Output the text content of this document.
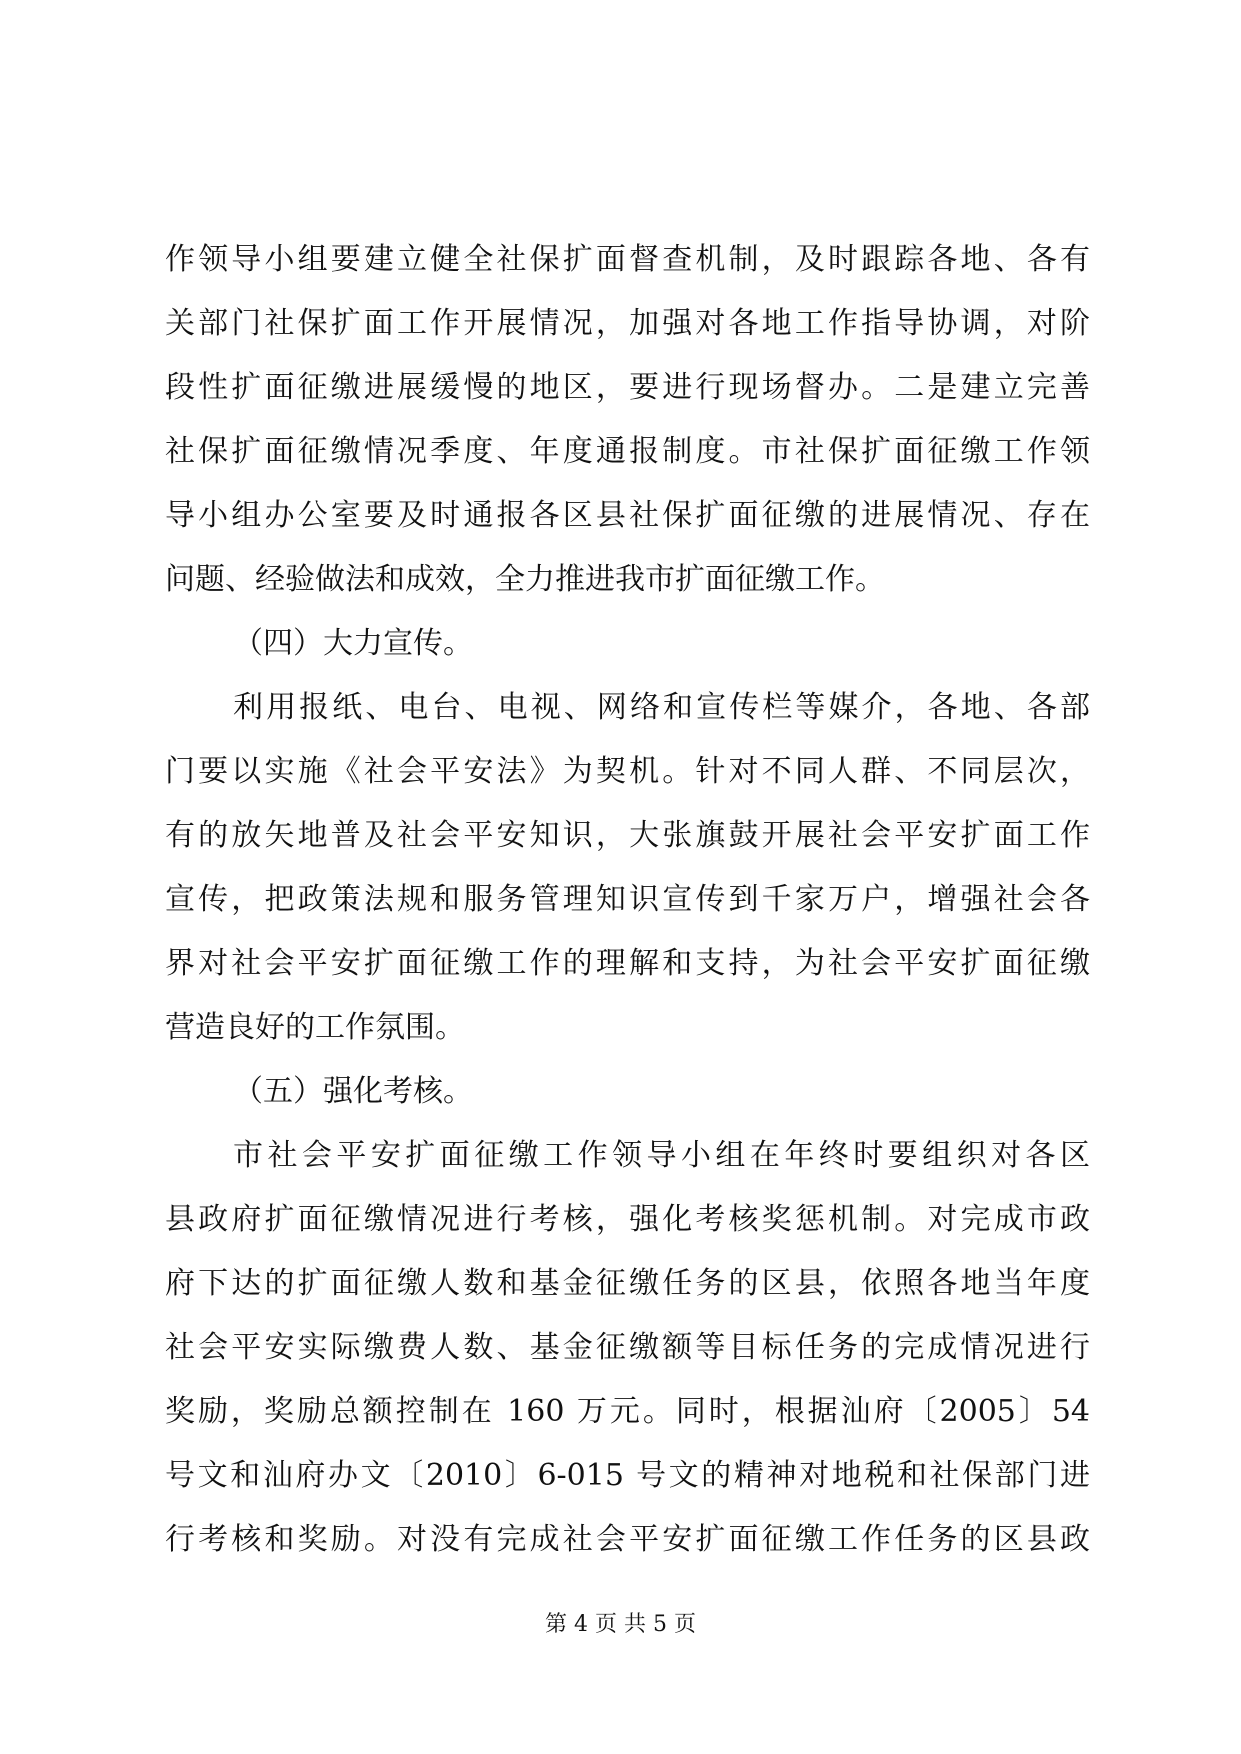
作领导小组要建立健全社保扩面督查机制，及时跟踪各地、各有
关部门社保扩面工作开展情况，加强对各地工作指导协调，对阶
段性扩面征缴进展缓慢的地区，要进行现场督办。二是建立完善
社保扩面征缴情况季度、年度通报制度。市社保扩面征缴工作领
导小组办公室要及时通报各区县社保扩面征缴的进展情况、存在
问题、经验做法和成效，全力推进我市扩面征缴工作。
（四）大力宣传。
利用报纸、电台、电视、网络和宣传栏等媒介，各地、各部
门要以实施《社会平安法》为契机。针对不同人群、不同层次，
有的放矢地普及社会平安知识，大张旗鼓开展社会平安扩面工作
宣传，把政策法规和服务管理知识宣传到千家万户，增强社会各
界对社会平安扩面征缴工作的理解和支持，为社会平安扩面征缴
营造良好的工作氛围。
（五）强化考核。
市社会平安扩面征缴工作领导小组在年终时要组织对各区
县政府扩面征缴情况进行考核，强化考核奖惩机制。对完成市政
府下达的扩面征缴人数和基金征缴任务的区县，依照各地当年度
社会平安实际缴费人数、基金征缴额等目标任务的完成情况进行
奖励，奖励总额控制在 160 万元。同时，根据汕府〔2005〕54
号文和汕府办文〔2010〕6-015 号文的精神对地税和社保部门进
行考核和奖励。对没有完成社会平安扩面征缴工作任务的区县政
第 4 页 共 5 页
